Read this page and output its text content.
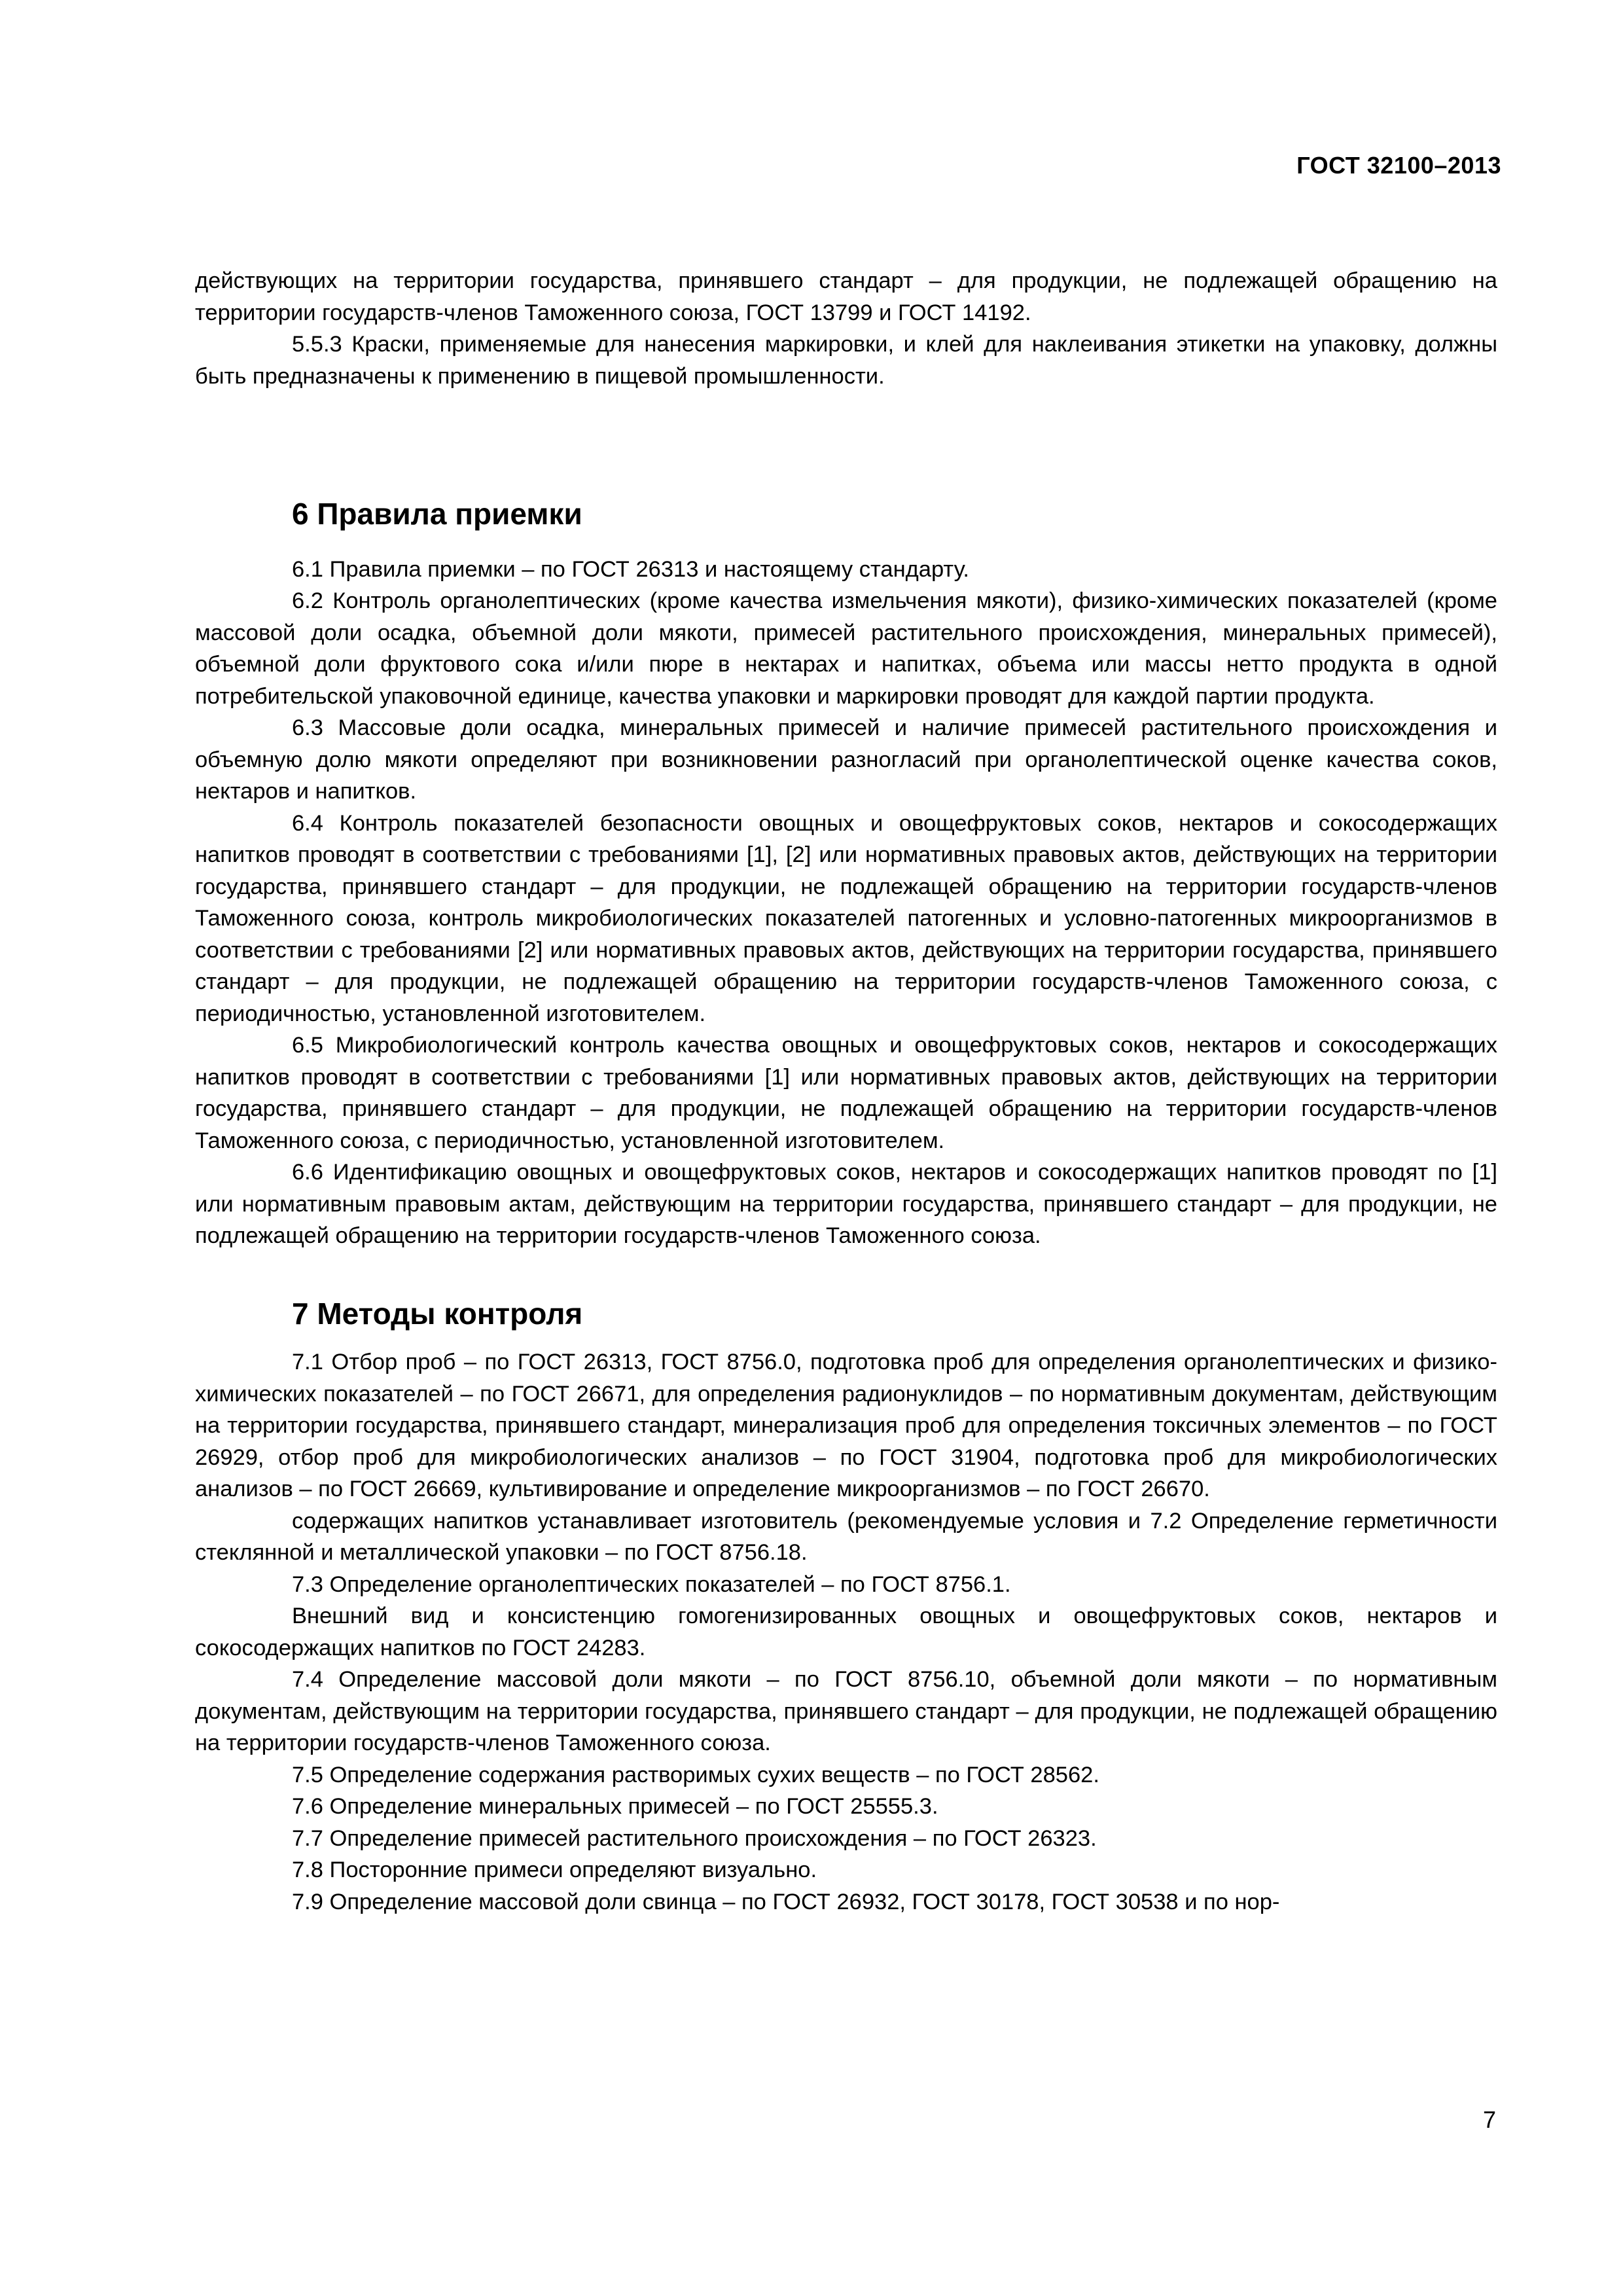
ГОСТ 32100–2013

действующих на территории государства, принявшего стандарт – для продукции, не подлежащей обращению на территории государств-членов Таможенного союза, ГОСТ 13799 и ГОСТ 14192.

5.5.3 Краски, применяемые для нанесения маркировки, и клей для наклеивания этикетки на упаковку, должны быть предназначены к применению в пищевой промышленности.

6 Правила приемки

6.1 Правила приемки – по ГОСТ 26313 и настоящему стандарту.

6.2 Контроль органолептических (кроме качества измельчения мякоти), физико-химических показателей (кроме массовой доли осадка, объемной доли мякоти, примесей растительного происхождения, минеральных примесей), объемной доли фруктового сока и/или пюре в нектарах и напитках, объема или массы нетто продукта в одной потребительской упаковочной единице, качества упаковки и маркировки проводят для каждой партии продукта.

6.3 Массовые доли осадка, минеральных примесей и наличие примесей растительного происхождения и объемную долю мякоти определяют при возникновении разногласий при органолептической оценке качества соков, нектаров и напитков.

6.4 Контроль показателей безопасности овощных и овощефруктовых соков, нектаров и сокосодержащих напитков проводят в соответствии с требованиями [1], [2] или нормативных правовых актов, действующих на территории государства, принявшего стандарт – для продукции, не подлежащей обращению на территории государств-членов Таможенного союза, контроль микробиологических показателей патогенных и условно-патогенных микроорганизмов в соответствии с требованиями [2] или нормативных правовых актов, действующих на территории государства, принявшего стандарт – для продукции, не подлежащей обращению на территории государств-членов Таможенного союза, с периодичностью, установленной изготовителем.

6.5 Микробиологический контроль качества овощных и овощефруктовых соков, нектаров и сокосодержащих напитков проводят в соответствии с требованиями [1] или нормативных правовых актов, действующих на территории государства, принявшего стандарт – для продукции, не подлежащей обращению на территории государств-членов Таможенного союза, с периодичностью, установленной изготовителем.

6.6 Идентификацию овощных и овощефруктовых соков, нектаров и сокосодержащих напитков проводят по [1] или нормативным правовым актам, действующим на территории государства, принявшего стандарт – для продукции, не подлежащей обращению на территории государств-членов Таможенного союза.

7 Методы контроля

7.1 Отбор проб – по ГОСТ 26313, ГОСТ 8756.0, подготовка проб для определения органолептических и физико-химических показателей – по ГОСТ 26671, для определения радионуклидов – по нормативным документам, действующим на территории государства, принявшего стандарт, минерализация проб для определения токсичных элементов – по ГОСТ 26929, отбор проб для микробиологических анализов – по ГОСТ 31904, подготовка проб для микробиологических анализов – по ГОСТ 26669, культивирование и определение микроорганизмов – по ГОСТ 26670.

содержащих напитков устанавливает изготовитель (рекомендуемые условия и 7.2 Определение герметичности стеклянной и металлической упаковки – по ГОСТ 8756.18.

7.3 Определение органолептических показателей – по ГОСТ 8756.1.

Внешний вид и консистенцию гомогенизированных овощных и овощефруктовых соков, нектаров и сокосодержащих напитков по ГОСТ 24283.

7.4 Определение массовой доли мякоти – по ГОСТ 8756.10, объемной доли мякоти – по нормативным документам, действующим на территории государства, принявшего стандарт – для продукции, не подлежащей обращению на территории государств-членов Таможенного союза.

7.5 Определение содержания растворимых сухих веществ – по ГОСТ 28562.

7.6 Определение минеральных примесей – по ГОСТ 25555.3.

7.7 Определение примесей растительного происхождения – по ГОСТ 26323.

7.8 Посторонние примеси определяют визуально.

7.9 Определение массовой доли свинца – по ГОСТ 26932, ГОСТ 30178, ГОСТ 30538 и по нор-

7
